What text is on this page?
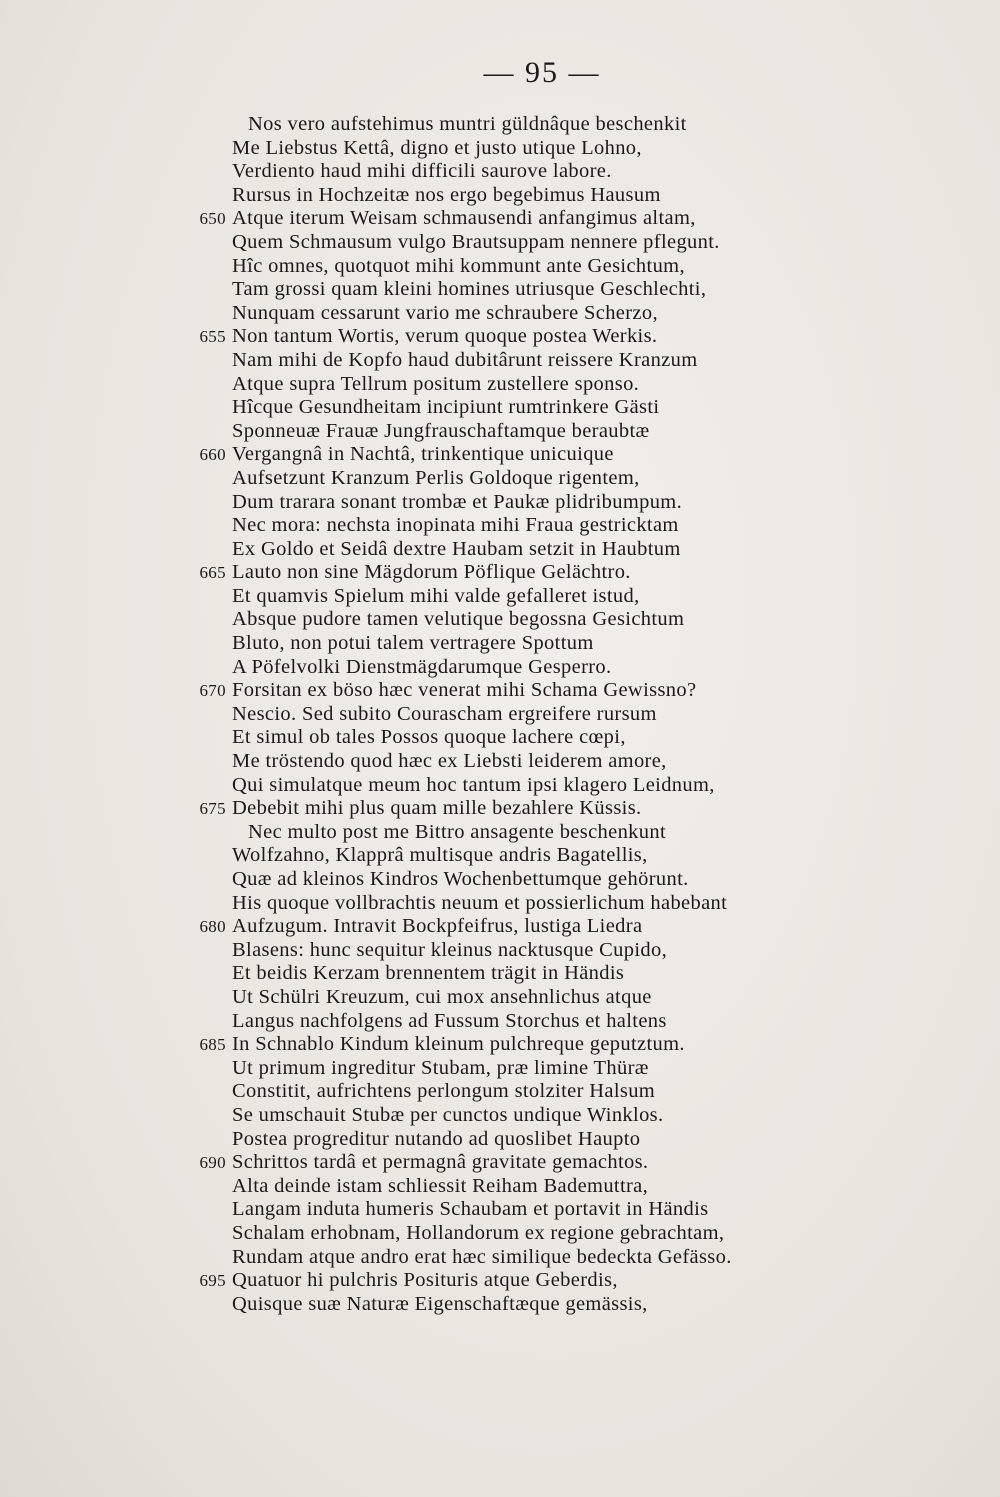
— 95 —
Nos vero aufstehimus muntri güldnâque beschenkit
Me Liebstus Kettâ, digno et justo utique Lohno,
Verdiento haud mihi difficili saurove labore.
Rursus in Hochzeitæ nos ergo begebimus Hausum
650 Atque iterum Weisam schmausendi anfangimus altam,
Quem Schmausum vulgo Brautsuppam nennere pflegunt.
Hîc omnes, quotquot mihi kommunt ante Gesichtum,
Tam grossi quam kleini homines utriusque Geschlechti,
Nunquam cessarunt vario me schraubere Scherzo,
655 Non tantum Wortis, verum quoque postea Werkis.
Nam mihi de Kopfo haud dubitârunt reissere Kranzum
Atque supra Tellrum positum zustellere sponso.
Hîcque Gesundheitam incipiunt rumtrinkere Gästi
Sponneuæ Frauæ Jungfrauschaftamque beraubtæ
660 Vergangnâ in Nachtâ, trinkentique unicuique
Aufsetzunt Kranzum Perlis Goldoque rigentem,
Dum trarara sonant trombæ et Paukæ plidribumpum.
Nec mora: nechsta inopinata mihi Fraua gestricktam
Ex Goldo et Seidâ dextre Haubam setzit in Haubtum
665 Lauto non sine Mägdorum Pöflique Gelächtro.
Et quamvis Spielum mihi valde gefalleret istud,
Absque pudore tamen velutique begossna Gesichtum
Bluto, non potui talem vertragere Spottum
A Pöfelvolki Dienstmägdarumque Gesperro.
670 Forsitan ex böso hæc venerat mihi Schama Gewissno?
Nescio. Sed subito Courascham ergreifere rursum
Et simul ob tales Possos quoque lachere cœpi,
Me tröstendo quod hæc ex Liebsti leiderem amore,
Qui simulatque meum hoc tantum ipsi klagero Leidnum,
675 Debebit mihi plus quam mille bezahlere Küssis.
Nec multo post me Bittro ansagente beschenkunt
Wolfzahno, Klapprâ multisque andris Bagatellis,
Quæ ad kleinos Kindros Wochenbettumque gehörunt.
His quoque vollbrachtis neuum et possierlichum habebant
680 Aufzugum. Intravit Bockpfeifrus, lustiga Liedra
Blasens: hunc sequitur kleinus nacktusque Cupido,
Et beidis Kerzam brennentem trägit in Händis
Ut Schülri Kreuzum, cui mox ansehnlichus atque
Langus nachfolgens ad Fussum Storchus et haltens
685 In Schnablo Kindum kleinum pulchreque geputztum.
Ut primum ingreditur Stubam, præ limine Thüræ
Constitit, aufrichtens perlongum stolziter Halsum
Se umschauit Stubæ per cunctos undique Winklos.
Postea progreditur nutando ad quoslibet Haupto
690 Schrittos tardâ et permagnâ gravitate gemachtos.
Alta deinde istam schliessit Reiham Bademuttra,
Langam induta humeris Schaubam et portavit in Händis
Schalam erhobnam, Hollandorum ex regione gebrachtam,
Rundam atque andro erat hæc similique bedeckta Gefässo.
695 Quatuor hi pulchris Posituris atque Geberdis,
Quisque suæ Naturæ Eigenschaftæque gemässis,
